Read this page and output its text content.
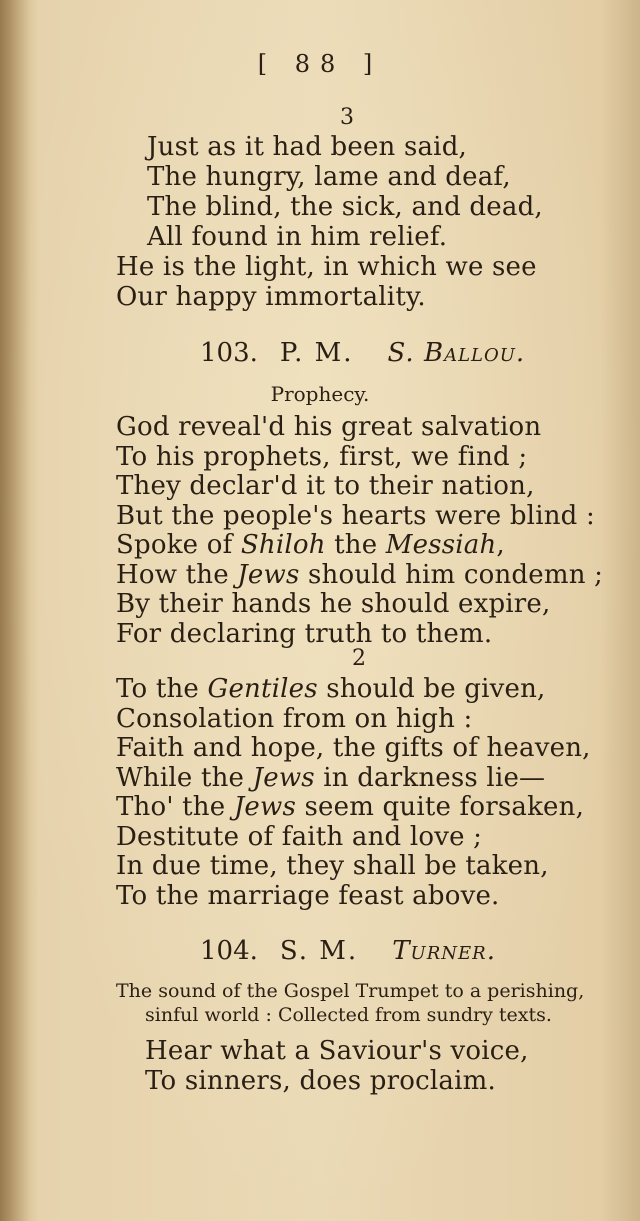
[ 88 ]
3
Just as it had been said,
The hungry, lame and deaf,
The blind, the sick, and dead,
All found in him relief.
He is the light, in which we see
Our happy immortality.
103. P. M. S. Ballou.
Prophecy.
God reveal'd his great salvation
To his prophets, first, we find ;
They declar'd it to their nation,
But the people's hearts were blind :
Spoke of Shiloh the Messiah,
How the Jews should him condemn ;
By their hands he should expire,
For declaring truth to them.
2
To the Gentiles should be given,
Consolation from on high :
Faith and hope, the gifts of heaven,
While the Jews in darkness lie—
Tho' the Jews seem quite forsaken,
Destitute of faith and love ;
In due time, they shall be taken,
To the marriage feast above.
104. S. M. Turner.
The sound of the Gospel Trumpet to a perishing,
sinful world : Collected from sundry texts.
Hear what a Saviour's voice,
To sinners, does proclaim.
